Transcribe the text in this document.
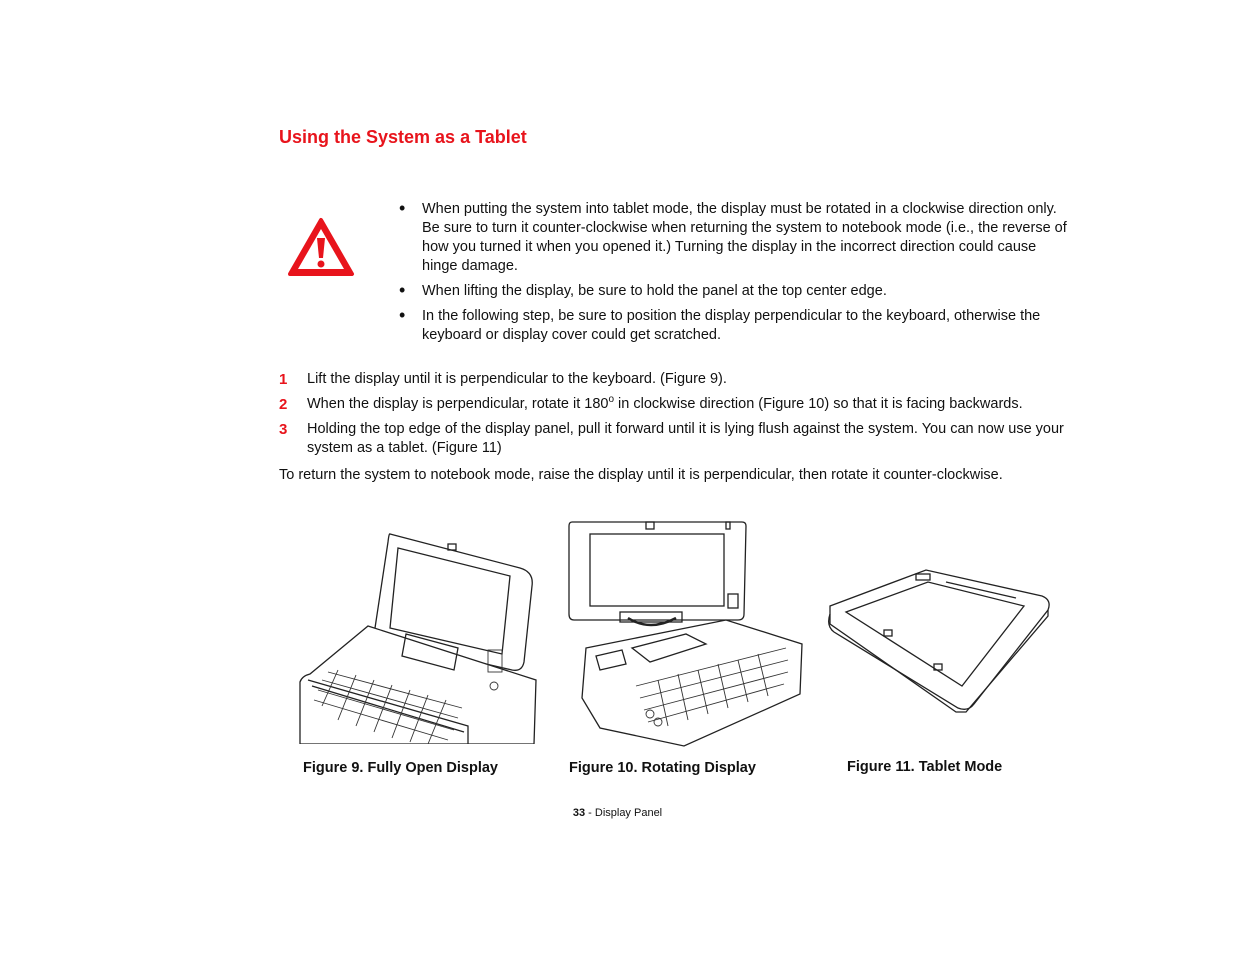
Using the System as a Tablet
• When putting the system into tablet mode, the display must be rotated in a clockwise direction only. Be sure to turn it counter-clockwise when returning the system to notebook mode (i.e., the reverse of how you turned it when you opened it.) Turning the display in the incorrect direction could cause hinge damage.
• When lifting the display, be sure to hold the panel at the top center edge.
• In the following step, be sure to position the display perpendicular to the keyboard, otherwise the keyboard or display cover could get scratched.
1 Lift the display until it is perpendicular to the keyboard. (Figure 9).
2 When the display is perpendicular, rotate it 180$^o$ in clockwise direction (Figure 10) so that it is facing backwards.
3 Holding the top edge of the display panel, pull it forward until it is lying flush against the system. You can now use your system as a tablet. (Figure 11)
To return the system to notebook mode, raise the display until it is perpendicular, then rotate it counter-clockwise.
Figure 9. Fully Open Display	Figure 10. Rotating Display	Figure 11. Tablet Mode
33 - Display Panel
